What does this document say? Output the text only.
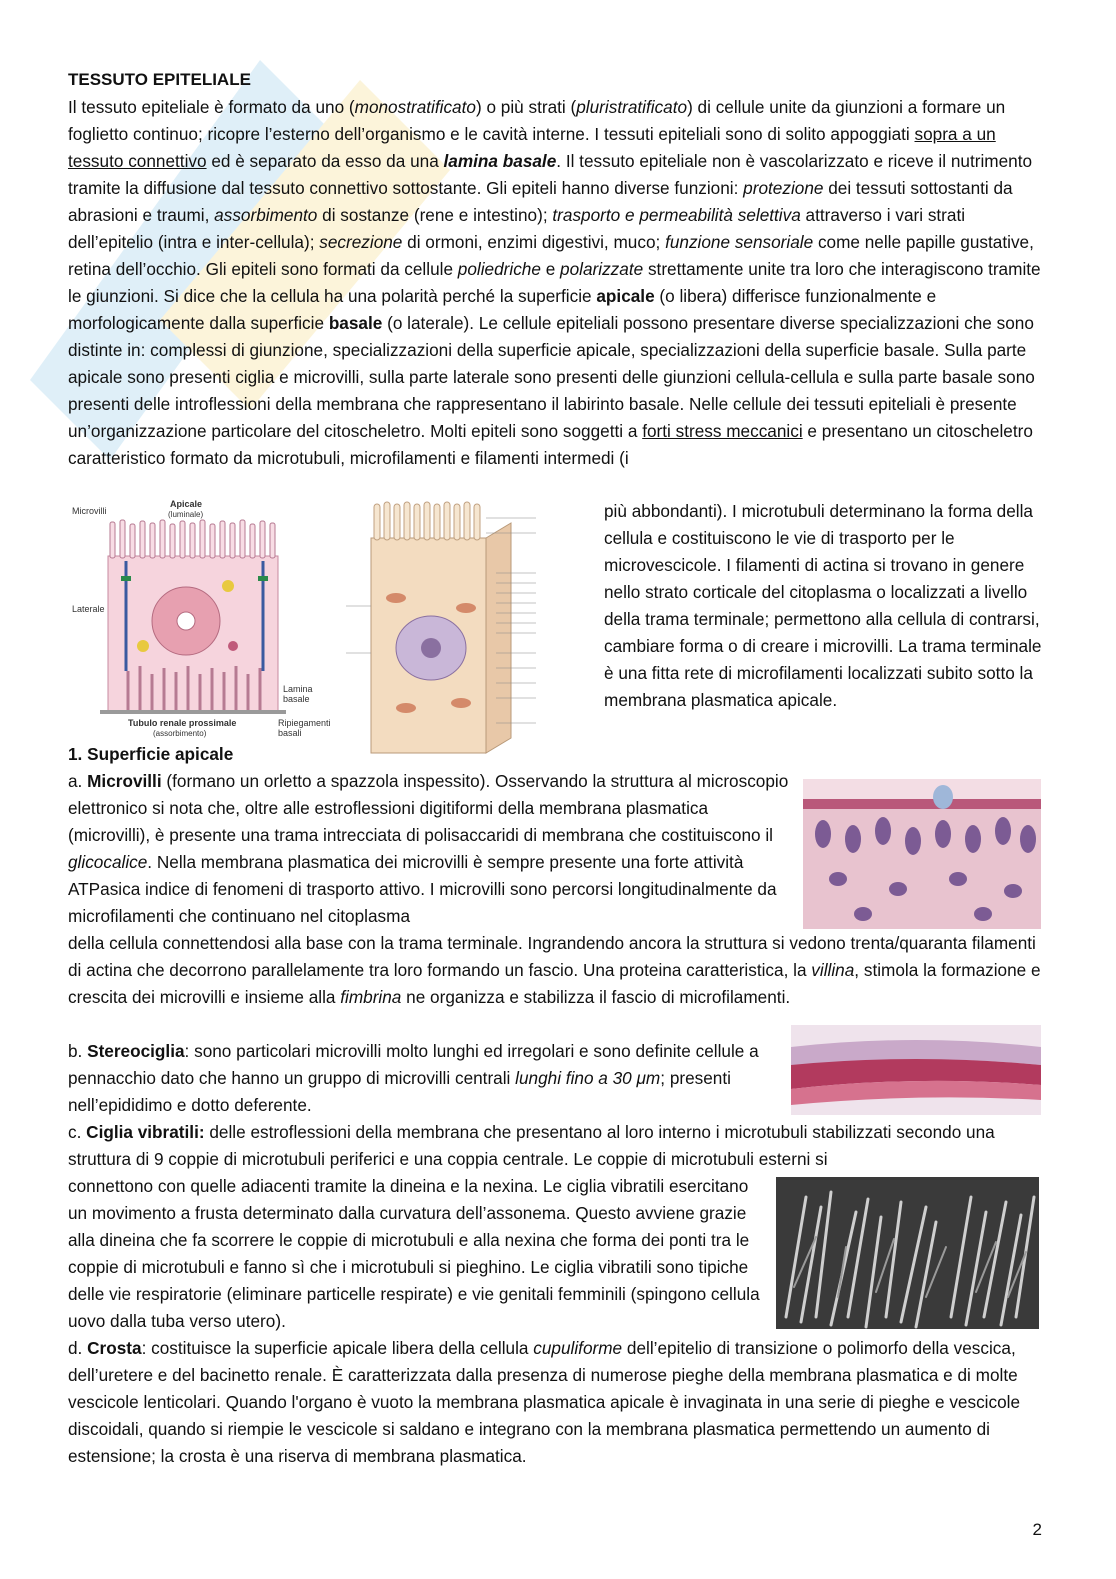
TESSUTO EPITELIALE
Il tessuto epiteliale è formato da uno (monostratificato) o più strati (pluristratificato) di cellule unite da giunzioni a formare un foglietto continuo; ricopre l’esterno dell’organismo e le cavità interne. I tessuti epiteliali sono di solito appoggiati sopra a un tessuto connettivo ed è separato da esso da una lamina basale. Il tessuto epiteliale non è vascolarizzato e riceve il nutrimento tramite la diffusione dal tessuto connettivo sottostante. Gli epiteli hanno diverse funzioni: protezione dei tessuti sottostanti da abrasioni e traumi, assorbimento di sostanze (rene e intestino); trasporto e permeabilità selettiva attraverso i vari strati dell’epitelio (intra e inter-cellula); secrezione di ormoni, enzimi digestivi, muco; funzione sensoriale come nelle papille gustative, retina dell’occhio. Gli epiteli sono formati da cellule poliedriche e polarizzate strettamente unite tra loro che interagiscono tramite le giunzioni. Si dice che la cellula ha una polarità perché la superficie apicale (o libera) differisce funzionalmente e morfologicamente dalla superficie basale (o laterale). Le cellule epiteliali possono presentare diverse specializzazioni che sono distinte in: complessi di giunzione, specializzazioni della superficie apicale, specializzazioni della superficie basale. Sulla parte apicale sono presenti ciglia e microvilli, sulla parte laterale sono presenti delle giunzioni cellula-cellula e sulla parte basale sono presenti delle introflessioni della membrana che rappresentano il labirinto basale. Nelle cellule dei tessuti epiteliali è presente un’organizzazione particolare del citoscheletro. Molti epiteli sono soggetti a forti stress meccanici e presentano un citoscheletro caratteristico formato da microtubuli, microfilamenti e filamenti intermedi (i
Microvilli
Apicale
(luminale)
Laterale
Lamina
basale
Tubulo renale prossimale
(assorbimento)
Ripiegamenti
basali
più abbondanti). I microtubuli determinano la forma della cellula e costituiscono le vie di trasporto per le microvescicole. I filamenti di actina si trovano in genere nello strato corticale del citoplasma o localizzati a livello della trama terminale; permettono alla cellula di contrarsi, cambiare forma o di creare i microvilli. La trama terminale è una fitta rete di microfilamenti localizzati subito sotto la membrana plasmatica apicale.
1. Superficie apicale
a. Microvilli (formano un orletto a spazzola inspessito). Osservando la struttura al microscopio elettronico si nota che, oltre alle estroflessioni digitiformi della membrana plasmatica (microvilli), è presente una trama intrecciata di polisaccaridi di membrana che costituiscono il glicocalice. Nella membrana plasmatica dei microvilli è sempre presente una forte attività ATPasica indice di fenomeni di trasporto attivo. I microvilli sono percorsi longitudinalmente da microfilamenti che continuano nel citoplasma
della cellula connettendosi alla base con la trama terminale. Ingrandendo ancora la struttura si vedono trenta/quaranta filamenti di actina che decorrono parallelamente tra loro formando un fascio. Una proteina caratteristica, la villina, stimola la formazione e crescita dei microvilli e insieme alla fimbrina ne organizza e stabilizza il fascio di microfilamenti.
b. Stereociglia: sono particolari microvilli molto lunghi ed irregolari e sono definite cellule a pennacchio dato che hanno un gruppo di microvilli centrali lunghi fino a 30 μm; presenti nell’epididimo e dotto deferente.
c. Ciglia vibratili: delle estroflessioni della membrana che presentano al loro interno i microtubuli stabilizzati secondo una struttura di 9 coppie di microtubuli periferici e una coppia centrale. Le coppie di microtubuli esterni si
connettono con quelle adiacenti tramite la dineina e la nexina. Le ciglia vibratili esercitano un movimento a frusta determinato dalla curvatura dell’assonema. Questo avviene grazie alla dineina che fa scorrere le coppie di microtubuli e alla nexina che forma dei ponti tra le coppie di microtubuli e fanno sì che i microtubuli si pieghino. Le ciglia vibratili sono tipiche delle vie respiratorie (eliminare particelle respirate) e vie genitali femminili (spingono cellula uovo dalla tuba verso utero).
d. Crosta: costituisce la superficie apicale libera della cellula cupuliforme dell’epitelio di transizione o polimorfo della vescica, dell’uretere e del bacinetto renale. È caratterizzata dalla presenza di numerose pieghe della membrana plasmatica e di molte vescicole lenticolari. Quando l'organo è vuoto la membrana plasmatica apicale è invaginata in una serie di pieghe e vescicole discoidali, quando si riempie le vescicole si saldano e integrano con la membrana plasmatica permettendo un aumento di estensione; la crosta è una riserva di membrana plasmatica.
2
